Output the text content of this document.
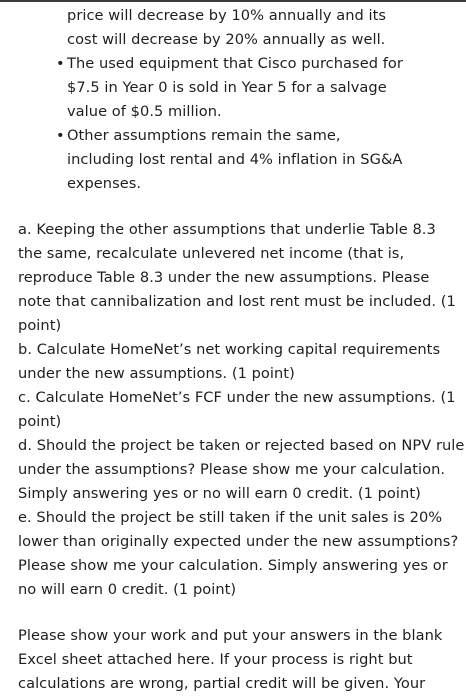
price will decrease by 10% annually and its
cost will decrease by 20% annually as well.
• The used equipment that Cisco purchased for
$7.5 in Year 0 is sold in Year 5 for a salvage
value of $0.5 million.
• Other assumptions remain the same,
including lost rental and 4% inflation in SG&A
expenses.
a. Keeping the other assumptions that underlie Table 8.3
the same, recalculate unlevered net income (that is,
reproduce Table 8.3 under the new assumptions. Please
note that cannibalization and lost rent must be included. (1
point)
b. Calculate HomeNet’s net working capital requirements
under the new assumptions. (1 point)
c. Calculate HomeNet’s FCF under the new assumptions. (1
point)
d. Should the project be taken or rejected based on NPV rule
under the assumptions? Please show me your calculation.
Simply answering yes or no will earn 0 credit. (1 point)
e. Should the project be still taken if the unit sales is 20%
lower than originally expected under the new assumptions?
Please show me your calculation. Simply answering yes or
no will earn 0 credit. (1 point)
Please show your work and put your answers in the blank
Excel sheet attached here. If your process is right but
calculations are wrong, partial credit will be given. Your
